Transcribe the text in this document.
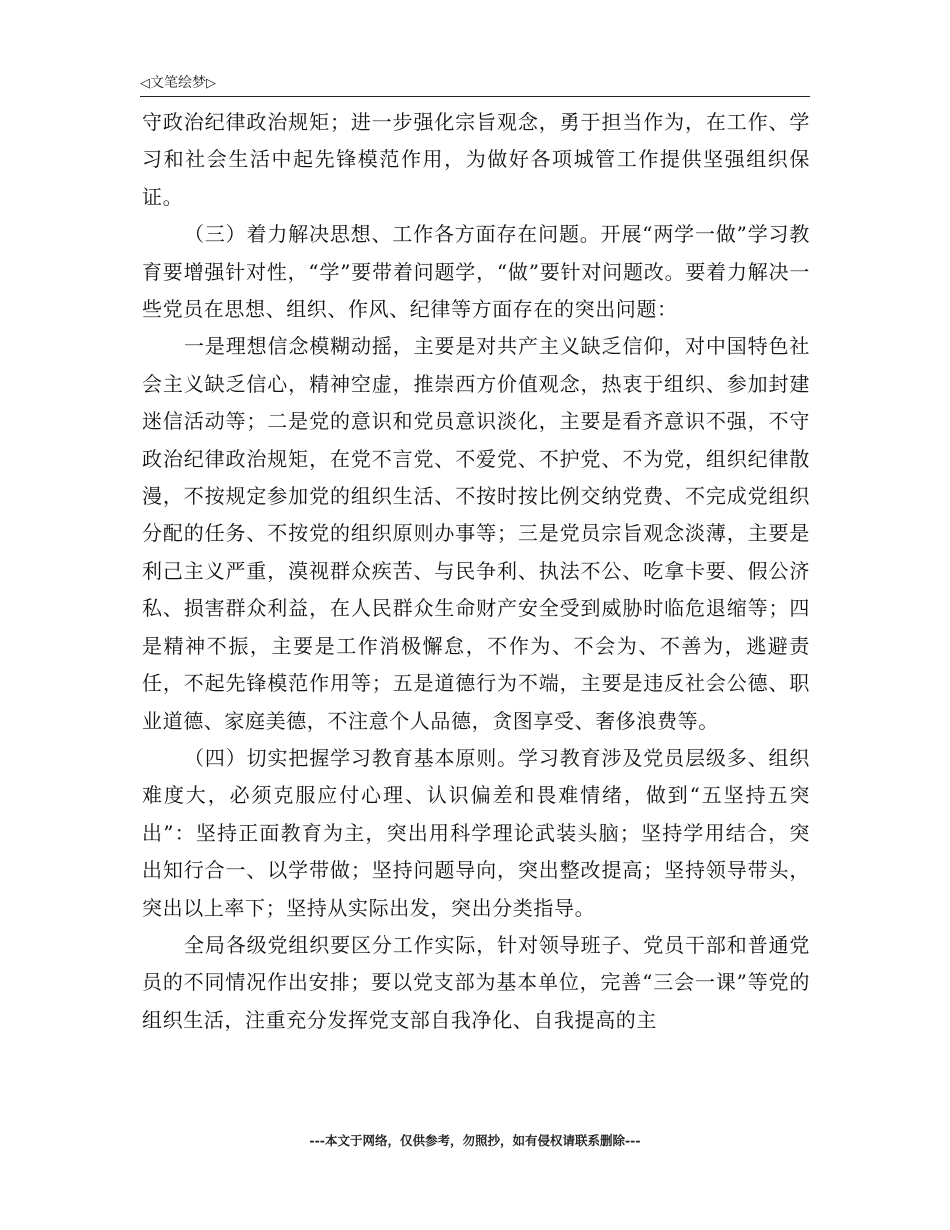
◁文笔绘梦▷

守政治纪律政治规矩；进一步强化宗旨观念，勇于担当作为，在工作、学习和社会生活中起先锋模范作用，为做好各项城管工作提供坚强组织保证。

（三）着力解决思想、工作各方面存在问题。开展“两学一做”学习教育要增强针对性，“学”要带着问题学，“做”要针对问题改。要着力解决一些党员在思想、组织、作风、纪律等方面存在的突出问题：

一是理想信念模糊动摇，主要是对共产主义缺乏信仰，对中国特色社会主义缺乏信心，精神空虚，推崇西方价值观念，热衷于组织、参加封建迷信活动等；二是党的意识和党员意识淡化，主要是看齐意识不强，不守政治纪律政治规矩，在党不言党、不爱党、不护党、不为党，组织纪律散漫，不按规定参加党的组织生活、不按时按比例交纳党费、不完成党组织分配的任务、不按党的组织原则办事等；三是党员宗旨观念淡薄，主要是利己主义严重，漠视群众疾苦、与民争利、执法不公、吃拿卡要、假公济私、损害群众利益，在人民群众生命财产安全受到威胁时临危退缩等；四是精神不振，主要是工作消极懈怠，不作为、不会为、不善为，逃避责任，不起先锋模范作用等；五是道德行为不端，主要是违反社会公德、职业道德、家庭美德，不注意个人品德，贪图享受、奢侈浪费等。

（四）切实把握学习教育基本原则。学习教育涉及党员层级多、组织难度大，必须克服应付心理、认识偏差和畏难情绪，做到“五坚持五突出”：坚持正面教育为主，突出用科学理论武装头脑；坚持学用结合，突出知行合一、以学带做；坚持问题导向，突出整改提高；坚持领导带头，突出以上率下；坚持从实际出发，突出分类指导。

全局各级党组织要区分工作实际，针对领导班子、党员干部和普通党员的不同情况作出安排；要以党支部为基本单位，完善“三会一课”等党的组织生活，注重充分发挥党支部自我净化、自我提高的主

---本文于网络，仅供参考，勿照抄，如有侵权请联系删除---
